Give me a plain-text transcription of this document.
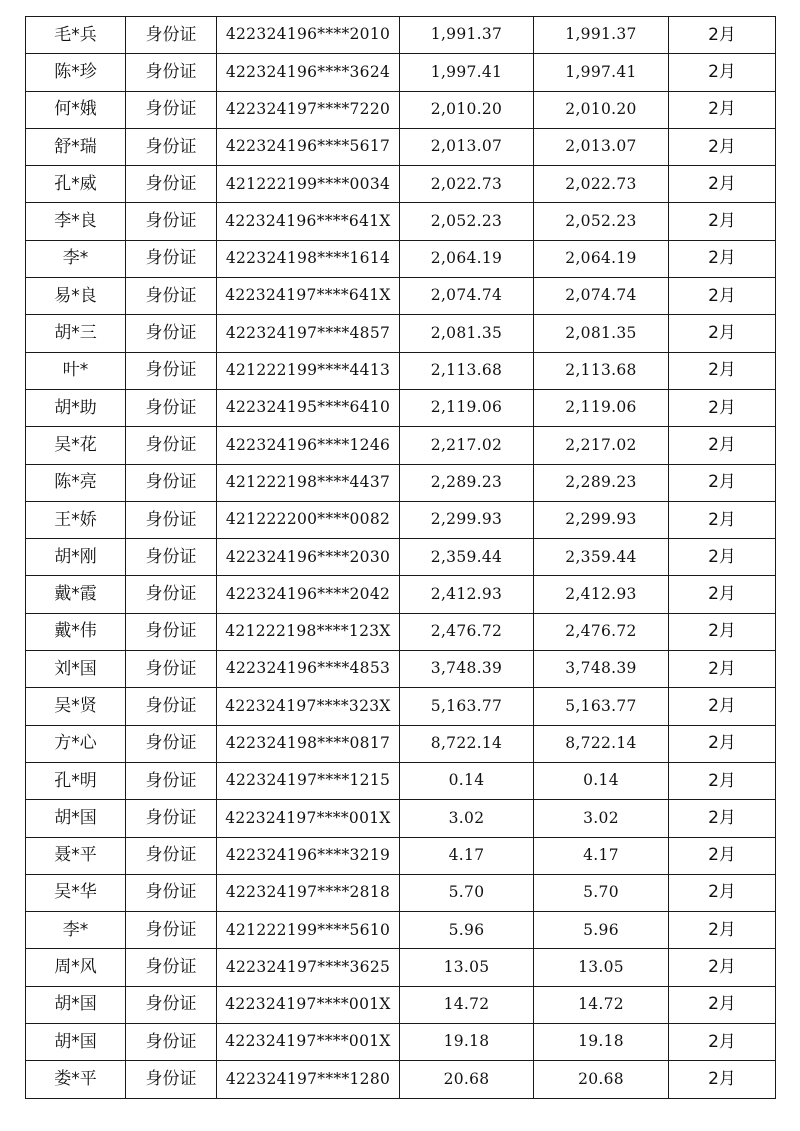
毛*兵	身份证	422324196****2010	1,991.37	1,991.37	2月
陈*珍	身份证	422324196****3624	1,997.41	1,997.41	2月
何*娥	身份证	422324197****7220	2,010.20	2,010.20	2月
舒*瑞	身份证	422324196****5617	2,013.07	2,013.07	2月
孔*威	身份证	421222199****0034	2,022.73	2,022.73	2月
李*良	身份证	422324196****641X	2,052.23	2,052.23	2月
李*	身份证	422324198****1614	2,064.19	2,064.19	2月
易*良	身份证	422324197****641X	2,074.74	2,074.74	2月
胡*三	身份证	422324197****4857	2,081.35	2,081.35	2月
叶*	身份证	421222199****4413	2,113.68	2,113.68	2月
胡*助	身份证	422324195****6410	2,119.06	2,119.06	2月
吴*花	身份证	422324196****1246	2,217.02	2,217.02	2月
陈*亮	身份证	421222198****4437	2,289.23	2,289.23	2月
王*娇	身份证	421222200****0082	2,299.93	2,299.93	2月
胡*刚	身份证	422324196****2030	2,359.44	2,359.44	2月
戴*霞	身份证	422324196****2042	2,412.93	2,412.93	2月
戴*伟	身份证	421222198****123X	2,476.72	2,476.72	2月
刘*国	身份证	422324196****4853	3,748.39	3,748.39	2月
吴*贤	身份证	422324197****323X	5,163.77	5,163.77	2月
方*心	身份证	422324198****0817	8,722.14	8,722.14	2月
孔*明	身份证	422324197****1215	0.14	0.14	2月
胡*国	身份证	422324197****001X	3.02	3.02	2月
聂*平	身份证	422324196****3219	4.17	4.17	2月
吴*华	身份证	422324197****2818	5.70	5.70	2月
李*	身份证	421222199****5610	5.96	5.96	2月
周*风	身份证	422324197****3625	13.05	13.05	2月
胡*国	身份证	422324197****001X	14.72	14.72	2月
胡*国	身份证	422324197****001X	19.18	19.18	2月
娄*平	身份证	422324197****1280	20.68	20.68	2月
